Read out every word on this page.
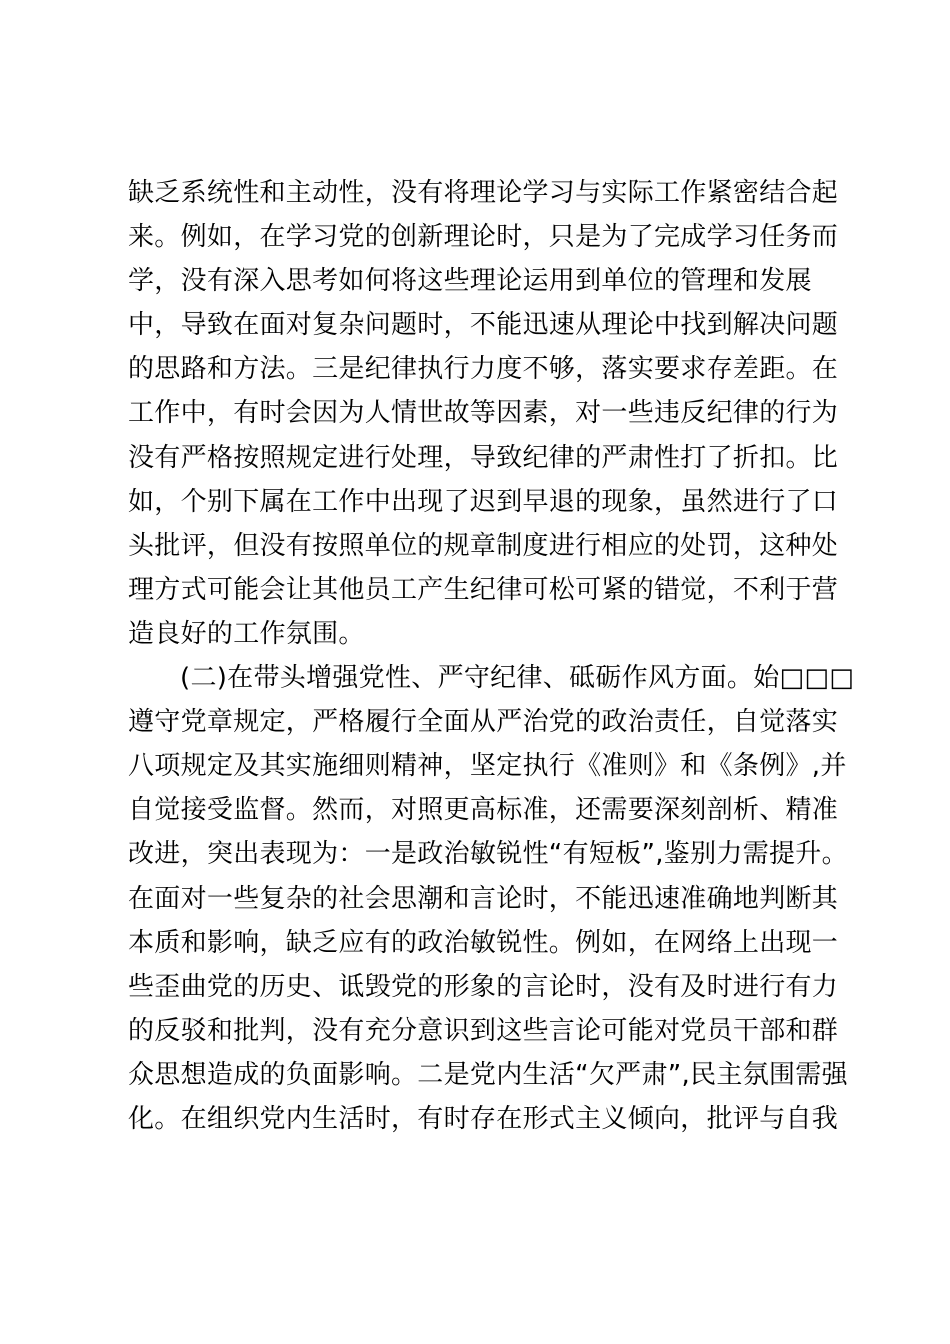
缺乏系统性和主动性，没有将理论学习与实际工作紧密结合起
来。例如，在学习党的创新理论时，只是为了完成学习任务而
学，没有深入思考如何将这些理论运用到单位的管理和发展
中，导致在面对复杂问题时，不能迅速从理论中找到解决问题
的思路和方法。三是纪律执行力度不够，落实要求存差距。在
工作中，有时会因为人情世故等因素，对一些违反纪律的行为
没有严格按照规定进行处理，导致纪律的严肃性打了折扣。比
如，个别下属在工作中出现了迟到早退的现象，虽然进行了口
头批评，但没有按照单位的规章制度进行相应的处罚，这种处
理方式可能会让其他员工产生纪律可松可紧的错觉，不利于营
造良好的工作氛围。
(二)在带头增强党性、严守纪律、砥砺作风方面。始□□□
遵守党章规定，严格履行全面从严治党的政治责任，自觉落实
八项规定及其实施细则精神，坚定执行《准则》和《条例》,并
自觉接受监督。然而，对照更高标准，还需要深刻剖析、精准
改进，突出表现为：一是政治敏锐性“有短板”,鉴别力需提升。
在面对一些复杂的社会思潮和言论时，不能迅速准确地判断其
本质和影响，缺乏应有的政治敏锐性。例如，在网络上出现一
些歪曲党的历史、诋毁党的形象的言论时，没有及时进行有力
的反驳和批判，没有充分意识到这些言论可能对党员干部和群
众思想造成的负面影响。二是党内生活“欠严肃”,民主氛围需强
化。在组织党内生活时，有时存在形式主义倾向，批评与自我
